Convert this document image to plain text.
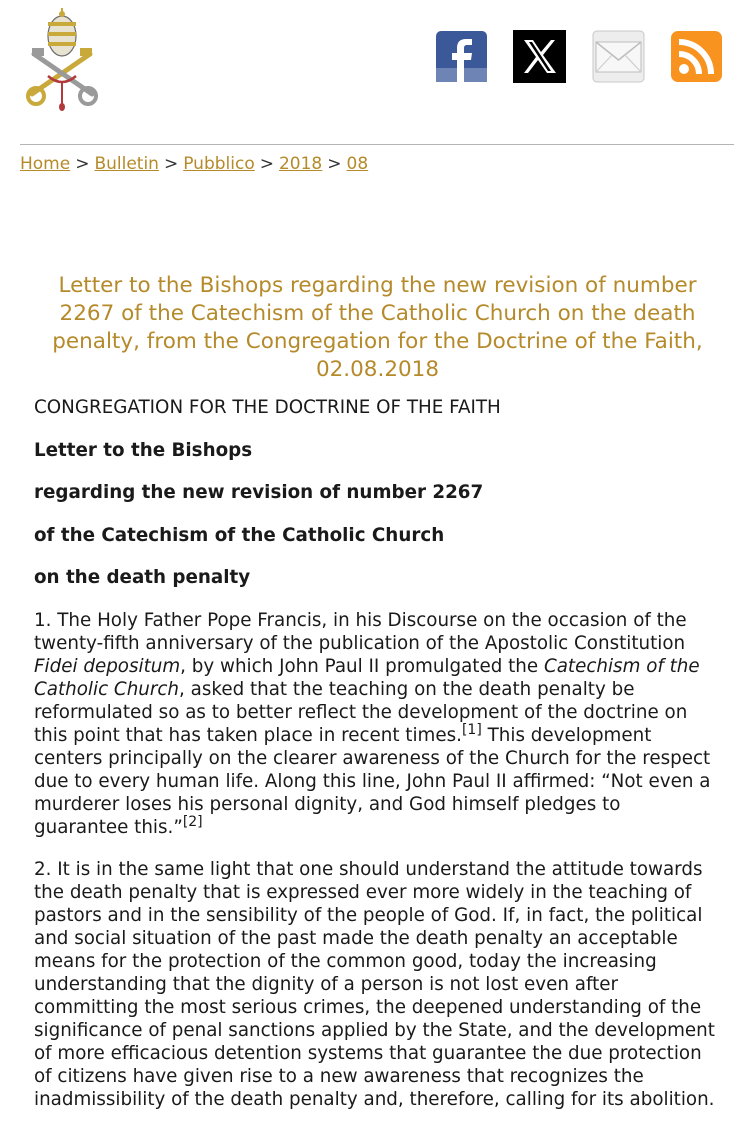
Home > Bulletin > Pubblico > 2018 > 08
Letter to the Bishops regarding the new revision of number 2267 of the Catechism of the Catholic Church on the death penalty, from the Congregation for the Doctrine of the Faith, 02.08.2018

CONGREGATION FOR THE DOCTRINE OF THE FAITH

Letter to the Bishops

regarding the new revision of number 2267

of the Catechism of the Catholic Church

on the death penalty

1. The Holy Father Pope Francis, in his Discourse on the occasion of the twenty-fifth anniversary of the publication of the Apostolic Constitution Fidei depositum, by which John Paul II promulgated the Catechism of the Catholic Church, asked that the teaching on the death penalty be reformulated so as to better reflect the development of the doctrine on this point that has taken place in recent times.[1] This development centers principally on the clearer awareness of the Church for the respect due to every human life. Along this line, John Paul II affirmed: “Not even a murderer loses his personal dignity, and God himself pledges to guarantee this.”[2]

2. It is in the same light that one should understand the attitude towards the death penalty that is expressed ever more widely in the teaching of pastors and in the sensibility of the people of God. If, in fact, the political and social situation of the past made the death penalty an acceptable means for the protection of the common good, today the increasing understanding that the dignity of a person is not lost even after committing the most serious crimes, the deepened understanding of the significance of penal sanctions applied by the State, and the development of more efficacious detention systems that guarantee the due protection of citizens have given rise to a new awareness that recognizes the inadmissibility of the death penalty and, therefore, calling for its abolition.
